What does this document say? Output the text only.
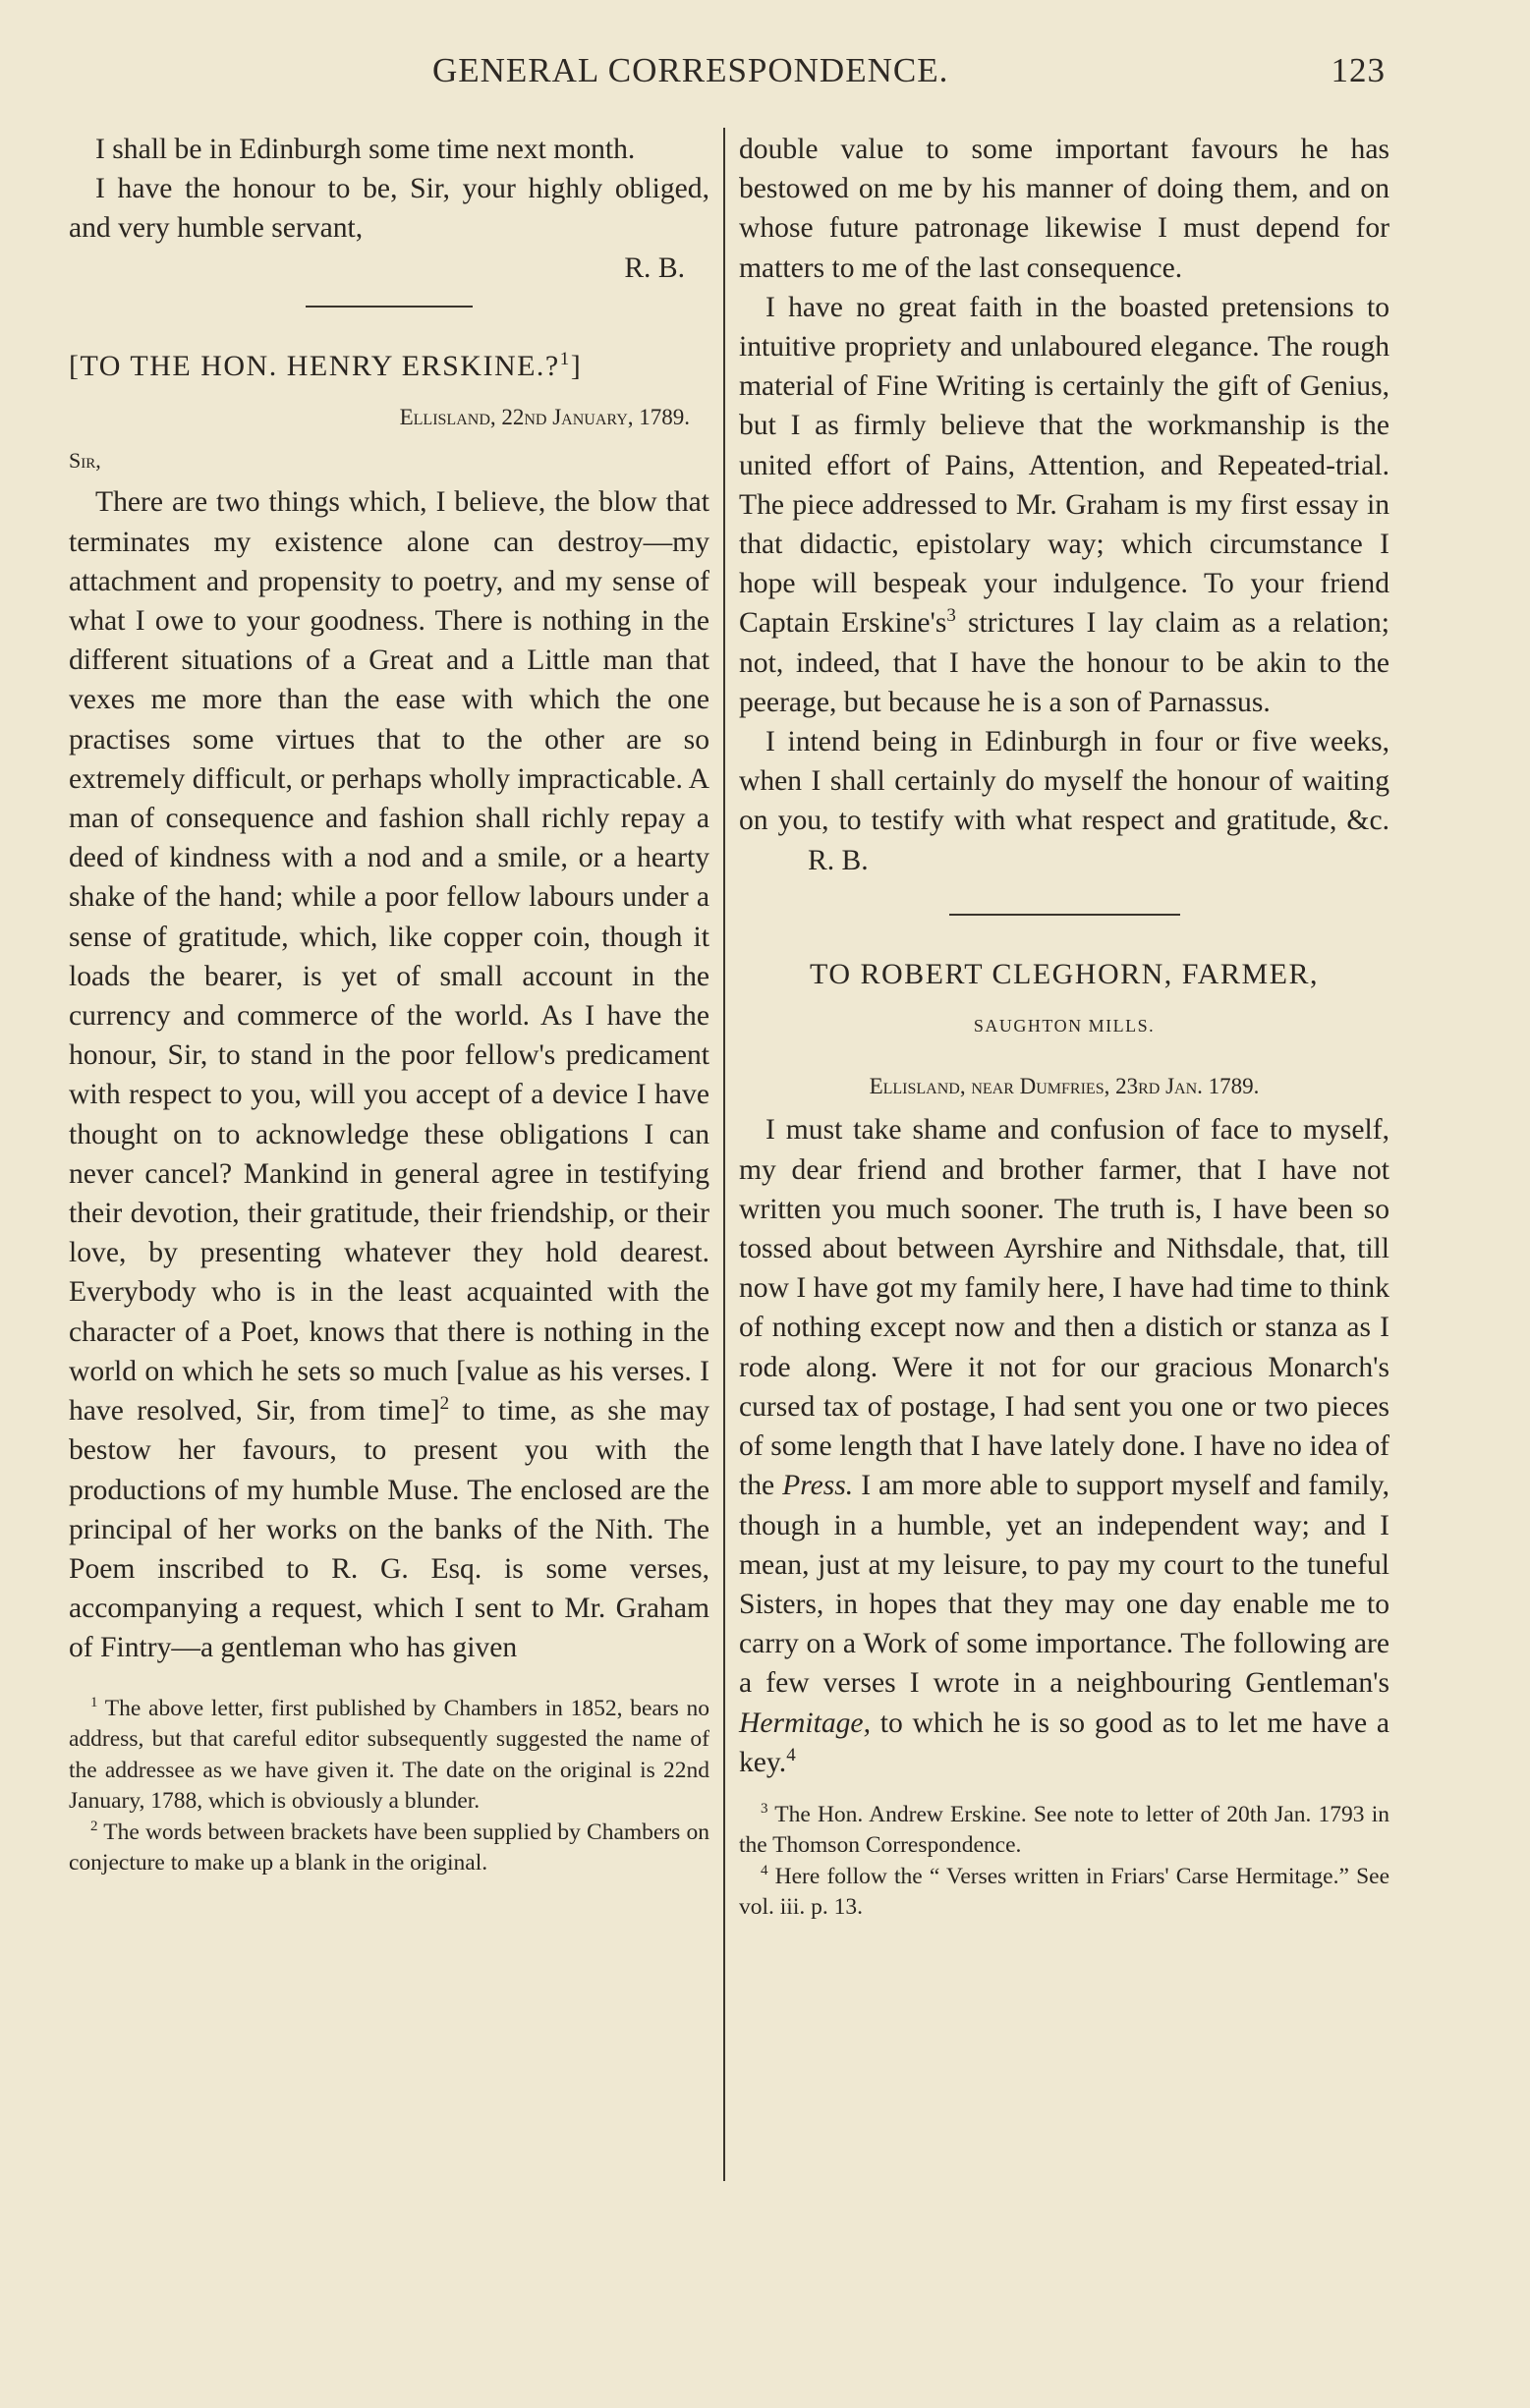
GENERAL CORRESPONDENCE.	123

I shall be in Edinburgh some time next month.

I have the honour to be, Sir, your highly obliged, and very humble servant,

R. B.

[TO THE HON. HENRY ERSKINE.?$^1$]

Ellisland, 22nd January, 1789.

Sir,

There are two things which, I believe, the blow that terminates my existence alone can destroy—my attachment and propensity to poetry, and my sense of what I owe to your goodness. There is nothing in the different situations of a Great and a Little man that vexes me more than the ease with which the one practises some virtues that to the other are so extremely difficult, or perhaps wholly impracticable. A man of consequence and fashion shall richly repay a deed of kindness with a nod and a smile, or a hearty shake of the hand; while a poor fellow labours under a sense of gratitude, which, like copper coin, though it loads the bearer, is yet of small account in the currency and commerce of the world. As I have the honour, Sir, to stand in the poor fellow's predicament with respect to you, will you accept of a device I have thought on to acknowledge these obligations I can never cancel? Mankind in general agree in testifying their devotion, their gratitude, their friendship, or their love, by presenting whatever they hold dearest. Everybody who is in the least acquainted with the character of a Poet, knows that there is nothing in the world on which he sets so much [value as his verses. I have resolved, Sir, from time]$^2$ to time, as she may bestow her favours, to present you with the productions of my humble Muse. The enclosed are the principal of her works on the banks of the Nith. The Poem inscribed to R. G. Esq. is some verses, accompanying a request, which I sent to Mr. Graham of Fintry—a gentleman who has given

$^1$ The above letter, first published by Chambers in 1852, bears no address, but that careful editor subsequently suggested the name of the addressee as we have given it. The date on the original is 22nd January, 1788, which is obviously a blunder.

$^2$ The words between brackets have been supplied by Chambers on conjecture to make up a blank in the original.

double value to some important favours he has bestowed on me by his manner of doing them, and on whose future patronage likewise I must depend for matters to me of the last consequence.

I have no great faith in the boasted pretensions to intuitive propriety and unlaboured elegance. The rough material of Fine Writing is certainly the gift of Genius, but I as firmly believe that the workmanship is the united effort of Pains, Attention, and Repeated-trial. The piece addressed to Mr. Graham is my first essay in that didactic, epistolary way; which circumstance I hope will bespeak your indulgence. To your friend Captain $Erskine's^3$ strictures I lay claim as a relation; not, indeed, that I have the honour to be akin to the peerage, but because he is a son of Parnassus.

I intend being in Edinburgh in four or five weeks, when I shall certainly do myself the honour of waiting on you, to testify with what respect and gratitude, &c. R. B.

TO ROBERT CLEGHORN, FARMER,

SAUGHTON MILLS.

Ellisland, near Dumfries, 23rd Jan. 1789.

I must take shame and confusion of face to myself, my dear friend and brother farmer, that I have not written you much sooner. The truth is, I have been so tossed about between Ayrshire and Nithsdale, that, till now I have got my family here, I have had time to think of nothing except now and then a distich or stanza as I rode along. Were it not for our gracious Monarch's cursed tax of postage, I had sent you one or two pieces of some length that I have lately done. I have no idea of the Press. I am more able to support myself and family, though in a humble, yet an independent way; and I mean, just at my leisure, to pay my court to the tuneful Sisters, in hopes that they may one day enable me to carry on a Work of some importance. The following are a few verses I wrote in a neighbouring Gentleman's Hermitage, to which he is so good as to let me have a key.$^4$

$^3$ The Hon. Andrew Erskine. See note to letter of 20th Jan. 1793 in the Thomson Correspondence.

$^4$ Here follow the “ Verses written in Friars' Carse Hermitage.” See vol. iii. p. 13.
